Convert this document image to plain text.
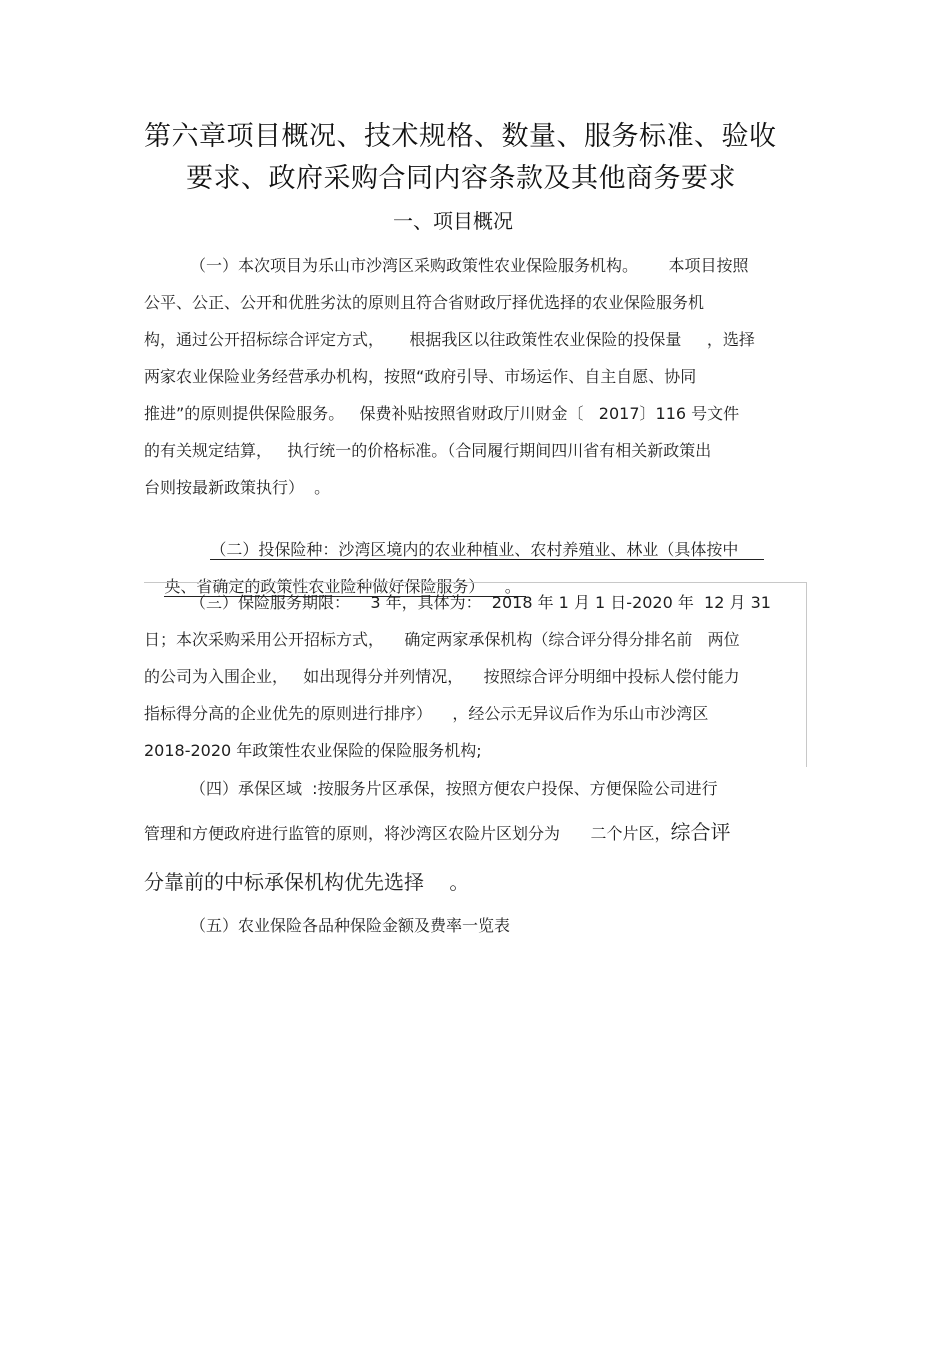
第六章项目概况、技术规格、数量、服务标准、验收
要求、政府采购合同内容条款及其他商务要求
一、项目概况
（一）本次项目为乐山市沙湾区采购政策性农业保险服务机构。      本项目按照
公平、公正、公开和优胜劣汰的原则且符合省财政厅择优选择的农业保险服务机
构，通过公开招标综合评定方式，     根据我区以往政策性农业保险的投保量     ，选择
两家农业保险业务经营承办机构，按照“政府引导、市场运作、自主自愿、协同
推进”的原则提供保险服务。   保费补贴按照省财政厅川财金〔   2017〕116 号文件
的有关规定结算，   执行统一的价格标准。（合同履行期间四川省有相关新政策出
台则按最新政策执行）  。

（二）投保险种：沙湾区境内的农业种植业、农村养殖业、林业（具体按中

央、省确定的政策性农业险种做好保险服务）    。

（三）保险服务期限：    3 年，具体为：  2018 年 1 月 1 日-2020 年  12 月 31
日；本次采购采用公开招标方式，    确定两家承保机构（综合评分得分排名前   两位
的公司为入围企业，   如出现得分并列情况，    按照综合评分明细中投标人偿付能力
指标得分高的企业优先的原则进行排序）    ，经公示无异议后作为乐山市沙湾区
2018-2020 年政策性农业保险的保险服务机构;
（四）承保区域  :按服务片区承保，按照方便农户投保、方便保险公司进行
管理和方便政府进行监管的原则，将沙湾区农险片区划分为      二个片区，综合评
分靠前的中标承保机构优先选择    。
（五）农业保险各品种保险金额及费率一览表
